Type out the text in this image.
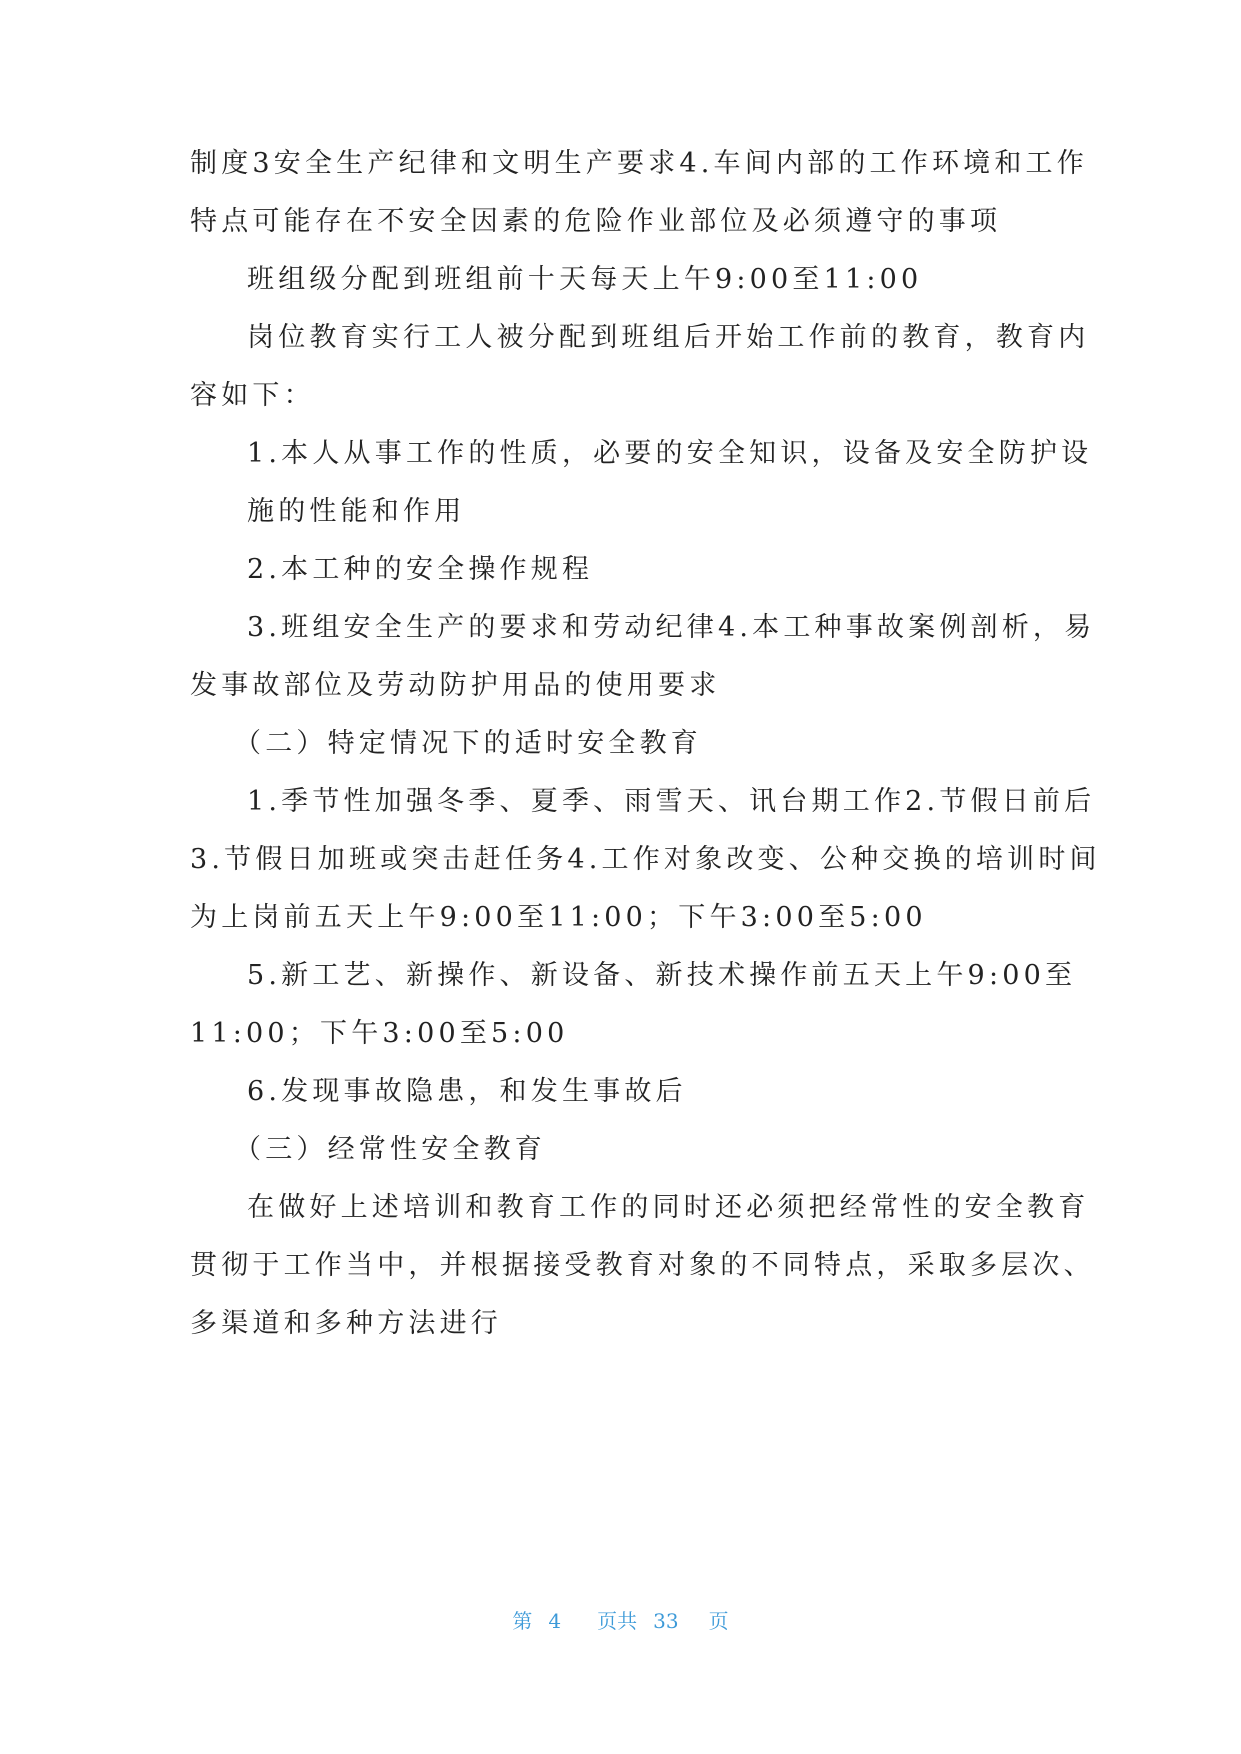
制度3安全生产纪律和文明生产要求4.车间内部的工作环境和工作
特点可能存在不安全因素的危险作业部位及必须遵守的事项
班组级分配到班组前十天每天上午9:00至11:00
岗位教育实行工人被分配到班组后开始工作前的教育，教育内
容如下：
1.本人从事工作的性质，必要的安全知识，设备及安全防护设
施的性能和作用
2.本工种的安全操作规程
3.班组安全生产的要求和劳动纪律4.本工种事故案例剖析，易
发事故部位及劳动防护用品的使用要求
（二）特定情况下的适时安全教育
1.季节性加强冬季、夏季、雨雪天、讯台期工作2.节假日前后
3.节假日加班或突击赶任务4.工作对象改变、公种交换的培训时间
为上岗前五天上午9:00至11:00；下午3:00至5:00
5.新工艺、新操作、新设备、新技术操作前五天上午9:00至
11:00；下午3:00至5:00
6.发现事故隐患，和发生事故后
（三）经常性安全教育
在做好上述培训和教育工作的同时还必须把经常性的安全教育
贯彻于工作当中，并根据接受教育对象的不同特点，采取多层次、
多渠道和多种方法进行
第 4 页共 33 页
